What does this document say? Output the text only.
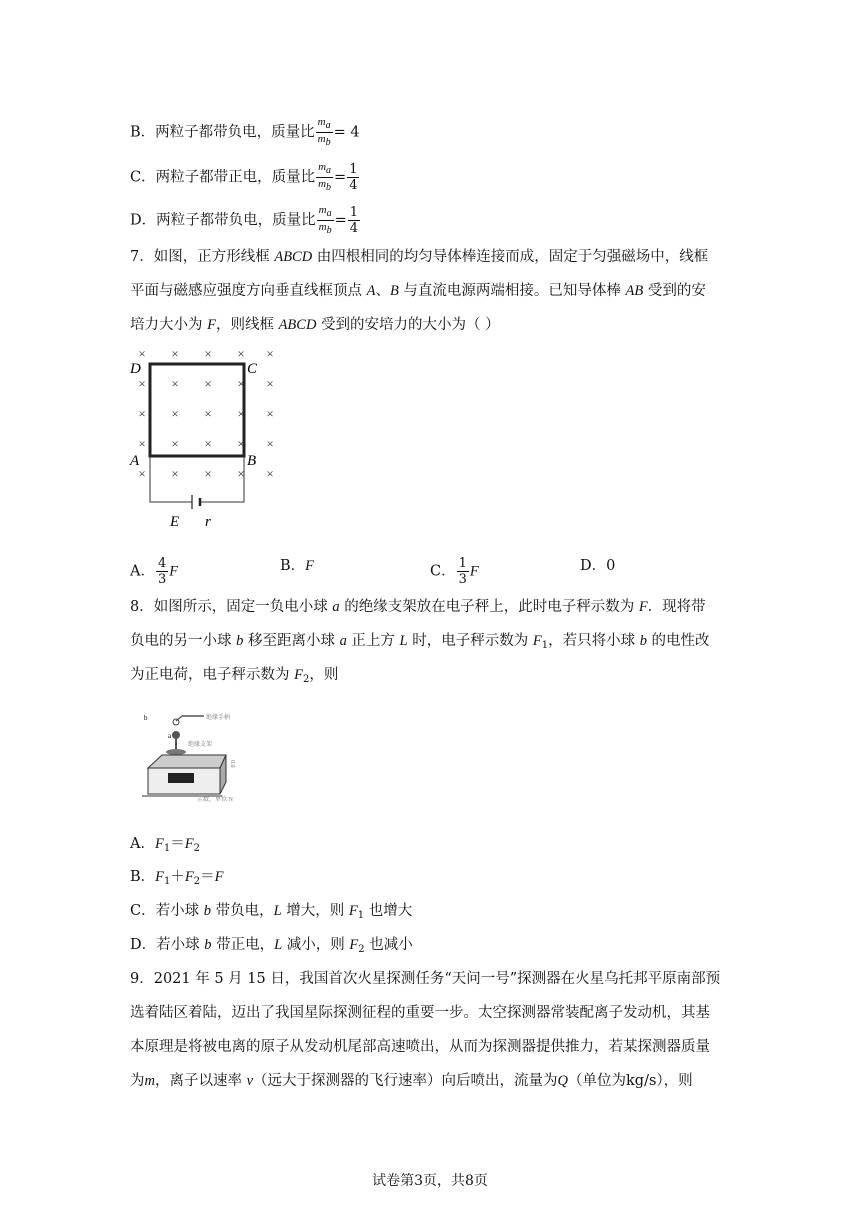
B．两粒子都带负电，质量比 $\frac{m_a}{m_b} = 4$
C．两粒子都带正电，质量比 $\frac{m_a}{m_b} = \frac{1}{4}$
D．两粒子都带负电，质量比 $\frac{m_a}{m_b} = \frac{1}{4}$
7．如图，正方形线框 ABCD 由四根相同的均匀导体棒连接而成，固定于匀强磁场中，线框
平面与磁感应强度方向垂直线框顶点 A、B 与直流电源两端相接。已知导体棒 AB 受到的安
培力大小为 F，则线框 ABCD 受到的安培力的大小为（ ）
× × × × ×
× × × × ×
× × × × ×
× × × × ×
× × × × ×
D	C
A	B
E r
A． $\frac{4}{3}$ F	B．F	C． $\frac{1}{3}$ F	D．0
8．如图所示，固定一负电小球 a 的绝缘支架放在电子秤上，此时电子秤示数为 F．现将带
负电的另一小球 b 移至距离小球 a 正上方 L 时，电子秤示数为 $F_1$，若只将小球 b 的电性改
为正电荷，电子秤示数为 $F_2$，则
b
a
绝缘手柄
绝缘支架
示数，单位 N
0.0
A．$F_1=F_2$
B．$F_1+F_2=F$
C．若小球 b 带负电，L 增大，则 $F_1$ 也增大
D．若小球 b 带正电，L 减小，则 $F_2$ 也减小
9．2021 年 5 月 15 日，我国首次火星探测任务“天问一号”探测器在火星乌托邦平原南部预
选着陆区着陆，迈出了我国星际探测征程的重要一步。太空探测器常装配离子发动机，其基
本原理是将被电离的原子从发动机尾部高速喷出，从而为探测器提供推力，若某探测器质量
为m，离子以速率 v（远大于探测器的飞行速率）向后喷出，流量为Q（单位为kg/s），则
试卷第3页，共8页
